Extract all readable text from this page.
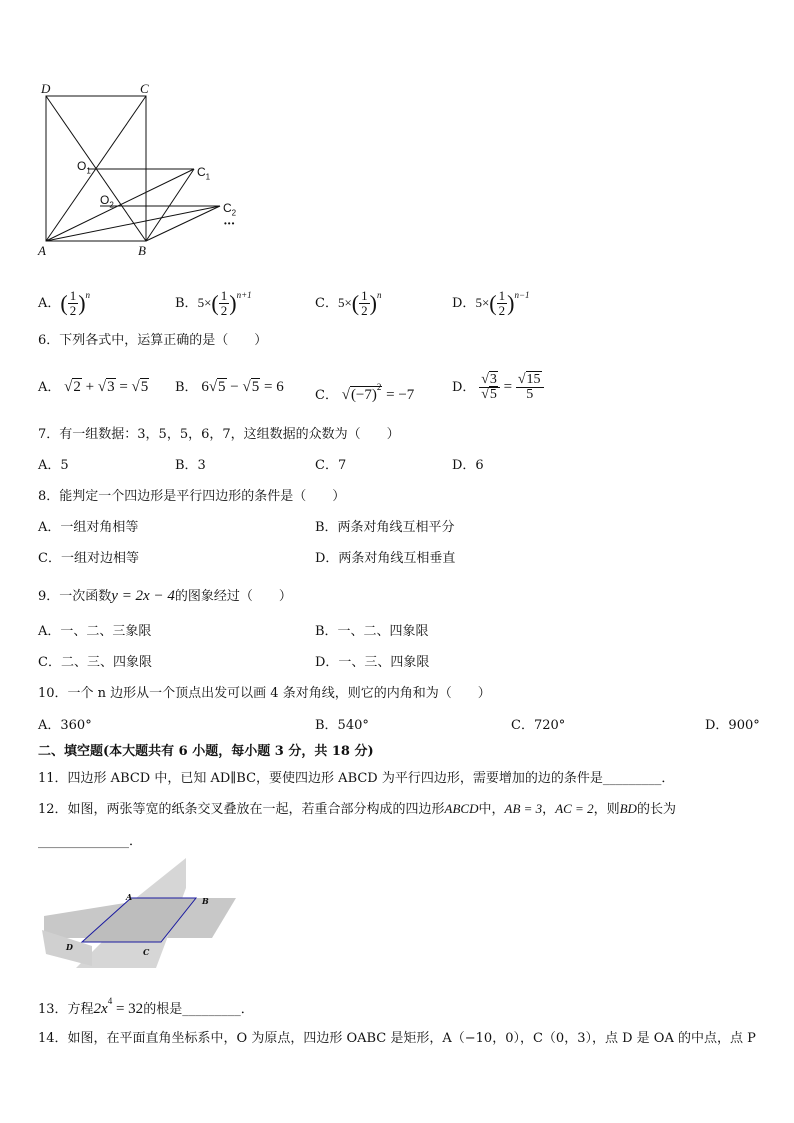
D	C
$O_1$	$C_1$
$O_2$	$C_2$
•••
A	B
A．( $\frac{1}{2} )^n$
B．$5\times( \frac{1}{2} )^{n+1}$
C．$5\times( \frac{1}{2} )^n$
D．$5\times( \frac{1}{2} )^{n-1}$
6．下列各式中，运算正确的是（　　）
A． √2 + √3 = √5 B． 6√5 − √5 = 6
C． $√(-7)^2 = -7$	D． $\frac{√3}{√5} = \frac{√15}{5}$
7．有一组数据：3，5，5，6，7，这组数据的众数为（　　）
A．5	B．3	C．7	D．6
8．能判定一个四边形是平行四边形的条件是（　　）
A．一组对角相等	B．两条对角线互相平分
C．一组对边相等	D．两条对角线互相垂直
9．一次函数y = 2x − 4的图象经过（　　）
A．一、二、三象限	B．一、二、四象限
C．二、三、四象限	D．一、三、四象限
10．一个 n 边形从一个顶点出发可以画 4 条对角线，则它的内角和为（　　）
A．360°	B．540°	C．720°	D．900°
二、填空题(本大题共有 6 小题，每小题 3 分，共 18 分)
11．四边形 ABCD 中，已知 AD∥BC，要使四边形 ABCD 为平行四边形，需要增加的边的条件是_________．
12．如图，两张等宽的纸条交叉叠放在一起，若重合部分构成的四边形ABCD中，AB = 3，AC = 2，则BD的长为
______________．
A	B
C
D
13．方程$2x^4 = 32$的根是_________．
14．如图，在平面直角坐标系中，O 为原点，四边形 OABC 是矩形，A（−10，0），C（0，3），点 D 是 OA 的中点，点 P
